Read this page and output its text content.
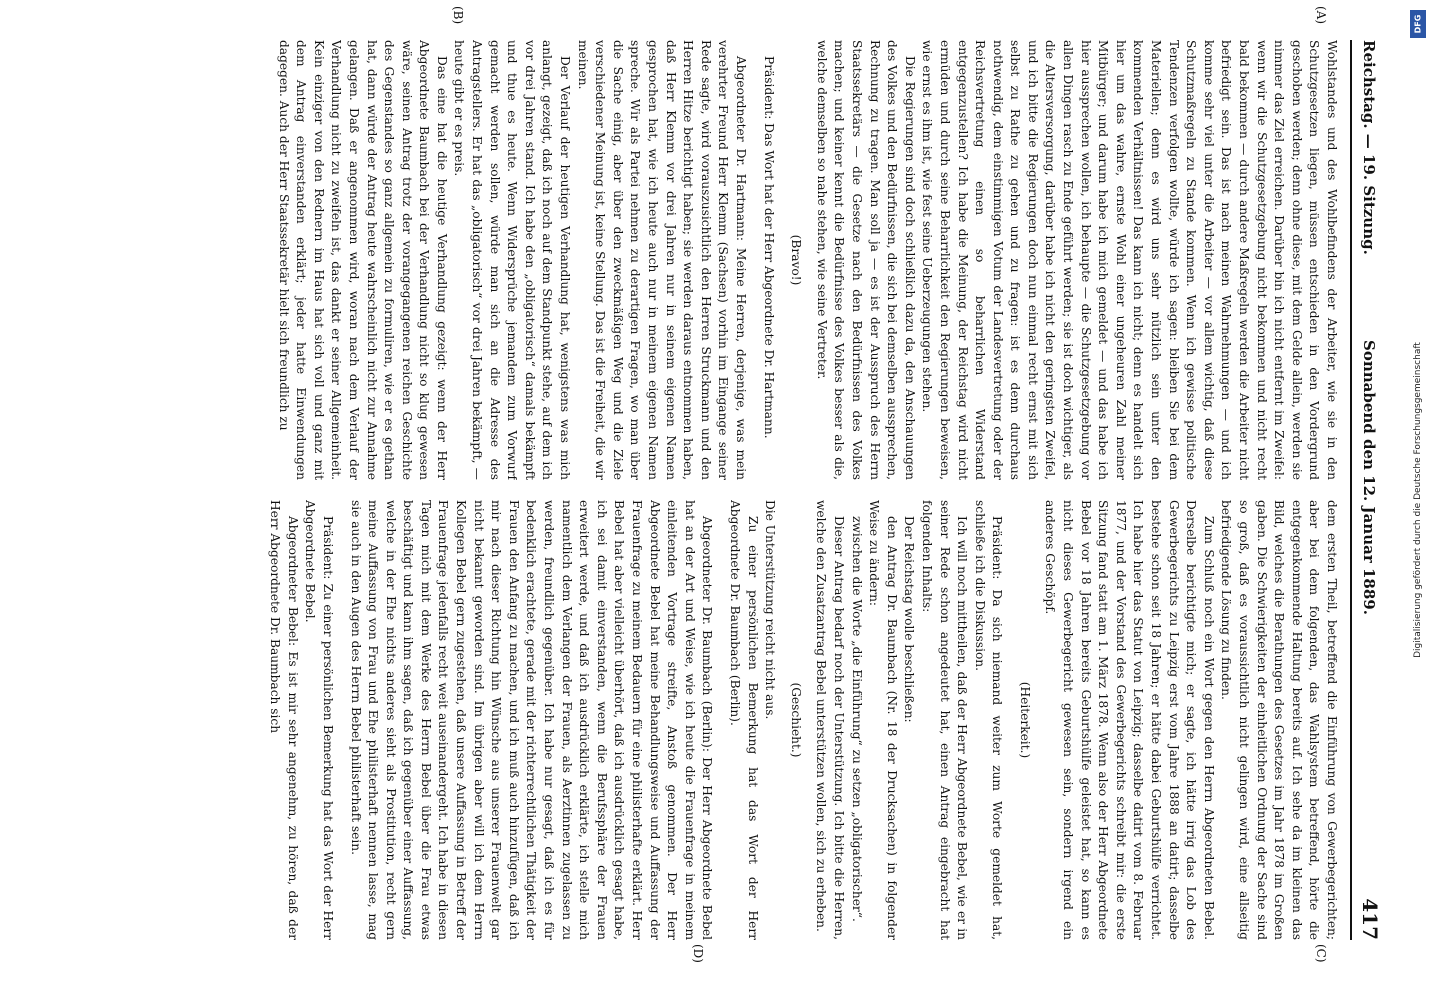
Reichstag. — 19. Sitzung.
Sonnabend den 12. Januar 1889.
417
(A)
(B)
(C)
(D)

Wohlstandes und des Wohlbefindens der Arbeiter, wie sie in den Schutzgesetzen liegen, müssen entschieden in den Vordergrund geschoben werden; denn ohne diese, mit dem Gelde allein, werden sie nimmer das Ziel erreichen. Darüber bin ich nicht entfernt im Zweifel: wenn wir die Schutzgesetzgebung nicht bekommen und nicht recht bald bekommen — durch andere Maßregeln werden die Arbeiter nicht befriedigt sein. Das ist nach meinen Wahrnehmungen — und ich komme sehr viel unter die Arbeiter — vor allem wichtig, daß diese Schutzmaßregeln zu Stande kommen. Wenn ich gewisse politische Tendenzen verfolgen wollte, würde ich sagen: bleiben Sie bei dem Materiellen; denn es wird uns sehr nützlich sein unter den kommenden Verhältnissen! Das kann ich nicht; denn es handelt sich hier um das wahre, ernste Wohl einer ungeheuren Zahl meiner Mitbürger; und darum habe ich mich gemeldet — und das habe ich hier aussprechen wollen, ich behaupte — die Schutzgesetzgebung vor allen Dingen rasch zu Ende geführt werden; sie ist doch wichtiger, als die Altersversorgung, darüber habe ich nicht den geringsten Zweifel, und ich bitte die Regierungen doch nun einmal recht ernst mit sich selbst zu Rathe zu gehen und zu fragen: ist es denn durchaus nothwendig, dem einstimmigen Votum der Landesvertretung oder der Reichsvertretung einen so beharrlichen Widerstand entgegenzustellen? Ich habe die Meinung, der Reichstag wird nicht ermüden und durch seine Beharrlichkeit den Regierungen beweisen, wie ernst es ihm ist, wie fest seine Ueberzeugungen stehen.

Die Regierungen sind doch schließlich dazu da, den Anschauungen des Volkes und den Bedürfnissen, die sich bei demselben aussprechen, Rechnung zu tragen. Man soll ja — es ist der Ausspruch des Herrn Staatssekretärs — die Gesetze nach den Bedürfnissen des Volkes machen; und keiner kennt die Bedürfnisse des Volkes besser als die, welche demselben so nahe stehen, wie seine Vertreter.

(Bravo!)

Präsident: Das Wort hat der Herr Abgeordnete Dr. Hartmann.

Abgeordneter Dr. Hartmann: Meine Herren, derjenige, was mein verehrter Freund Herr Klemm (Sachsen) vorhin im Eingange seiner Rede sagte, wird vorauszusichtlich den Herren Struckmann und den Herren Hitze berichtigt haben; sie werden daraus entnommen haben, daß Herr Klemm vor drei Jahren nur in seinem eigenen Namen gesprochen hat, wie ich heute auch nur in meinem eigenen Namen spreche. Wir als Partei nehmen zu derartigen Fragen, wo man über die Sache einig, aber über den zweckmäßigen Weg und die Ziele verschiedener Meinung ist, keine Stellung. Das ist die Freiheit, die wir meinen.

Der Verlauf der heutigen Verhandlung hat, wenigstens was mich anlangt, gezeigt, daß ich noch auf dem Standpunkt stehe, auf dem ich vor drei Jahren stand. Ich habe den „obligatorisch“ damals bekämpft und thue es heute. Wenn Widersprüche jemandem zum Vorwurf gemacht werden sollen, würde man sich an die Adresse des Antragstellers. Er hat das „obligatorisch“ vor drei Jahren bekämpft, — heute gibt er es preis.

Das eine hat die heutige Verhandlung gezeigt: wenn der Herr Abgeordnete Baumbach bei der Verhandlung nicht so klug gewesen wäre, seinen Antrag trotz der vorangegangenen reichen Geschichte des Gegenstandes so ganz allgemein zu formuliren, wie er es gethan hat, dann würde der Antrag heute wahrscheinlich nicht zur Annahme gelangen. Daß er angenommen wird, woran nach dem Verlauf der Verhandlung nicht zu zweifeln ist, das dankt er seiner Allgemeinheit. Kein einziger von den Rednern im Haus hat sich voll und ganz mit dem Antrag einverstanden erklärt; jeder hatte Einwendungen dagegen. Auch der Herr Staatssekretär hielt sich freundlich zu

dem ersten Theil, betreffend die Einführung von Gewerbegerichten; aber bei dem folgenden, das Wahlsystem betreffend, hörte die entgegenkommende Haltung bereits auf. Ich sehe da im kleinen das Bild, welches die Berathungen des Gesetzes im Jahr 1878 im Großen gaben. Die Schwierigkeiten der einheitlichen Ordnung der Sache sind so groß, daß es voraussichtlich nicht gelingen wird, eine allseitig befriedigende Lösung zu finden.

Zum Schluß noch ein Wort gegen den Herrn Abgeordneten Bebel. Derselbe berichtigte mich; er sagte, ich hätte irrig das Lob des Gewerbegerichts zu Leipzig erst vom Jahre 1888 an datirt; dasselbe bestehe schon seit 18 Jahren; er hätte dabei Geburtshülfe verrichtet. Ich habe hier das Statut von Leipzig; dasselbe datirt vom 8. Februar 1877, und der Vorstand des Gewerbegerichts schreibt mir: die erste Sitzung fand statt am 1. März 1878. Wenn also der Herr Abgeordnete Bebel vor 18 Jahren bereits Geburtshülfe geleistet hat, so kann es nicht dieses Gewerbegericht gewesen sein, sondern irgend ein anderes Geschöpf.

(Heiterkeit.)

Präsident: Da sich niemand weiter zum Worte gemeldet hat, schließe ich die Diskussion.

Ich will noch mittheilen, daß der Herr Abgeordnete Bebel, wie er in seiner Rede schon angedeutet hat, einen Antrag eingebracht hat folgenden Inhalts:

Der Reichstag wolle beschließen:

den Antrag Dr. Baumbach (Nr. 18 der Drucksachen) in folgender Weise zu ändern:

zwischen die Worte „die Einführung“ zu setzen „obligatorischer“.

Dieser Antrag bedarf noch der Unterstützung. Ich bitte die Herren, welche den Zusatzantrag Bebel unterstützen wollen, sich zu erheben.

(Geschieht.)

Die Unterstützung reicht nicht aus.

Zu einer persönlichen Bemerkung hat das Wort der Herr Abgeordnete Dr. Baumbach (Berlin).

Abgeordneter Dr. Baumbach (Berlin): Der Herr Abgeordnete Bebel hat an der Art und Weise, wie ich heute die Frauenfrage in meinem einleitenden Vortrage streifte, Anstoß genommen. Der Herr Abgeordnete Bebel hat meine Behandlungsweise und Auffassung der Frauenfrage zu meinem Bedauern für eine philisterhafte erklärt. Herr Bebel hat aber vielleicht überhört, daß ich ausdrücklich gesagt habe, ich sei damit einverstanden, wenn die Berufssphäre der Frauen erweitert werde, und daß ich ausdrücklich erklärte, ich stelle mich namentlich dem Verlangen der Frauen, als Aerztinnen zugelassen zu werden, freundlich gegenüber. Ich habe nur gesagt, daß ich es für bedenklich erachtete, gerade mit der richterrechtlichen Thätigkeit der Frauen den Anfang zu machen, und ich muß auch hinzufügen, daß ich mir nach dieser Richtung hin Wünsche aus unserer Frauenwelt gar nicht bekannt geworden sind. Im übrigen aber will ich dem Herrn Kollegen Bebel gern zugestehen, daß unsere Auffassung in Betreff der Frauenfrage jedenfalls recht weit auseinandergeht. Ich habe in diesen Tagen mich mit dem Werke des Herrn Bebel über die Frau etwas beschäftigt und kann ihm sagen, daß ich gegenüber einer Auffassung, welche in der Ehe nichts anderes sieht als Prostitution, recht gern meine Auffassung von Frau und Ehe philisterhaft nennen lasse, mag sie auch in den Augen des Herrn Bebel philisterhaft sein.

Präsident: Zu einer persönlichen Bemerkung hat das Wort der Herr Abgeordnete Bebel.

Abgeordneter Bebel: Es ist mir sehr angenehm, zu hören, daß der Herr Abgeordnete Dr. Baumbach sich	Digitalisierung gefördert durch die Deutsche Forschungsgemeinschaft
DFG
